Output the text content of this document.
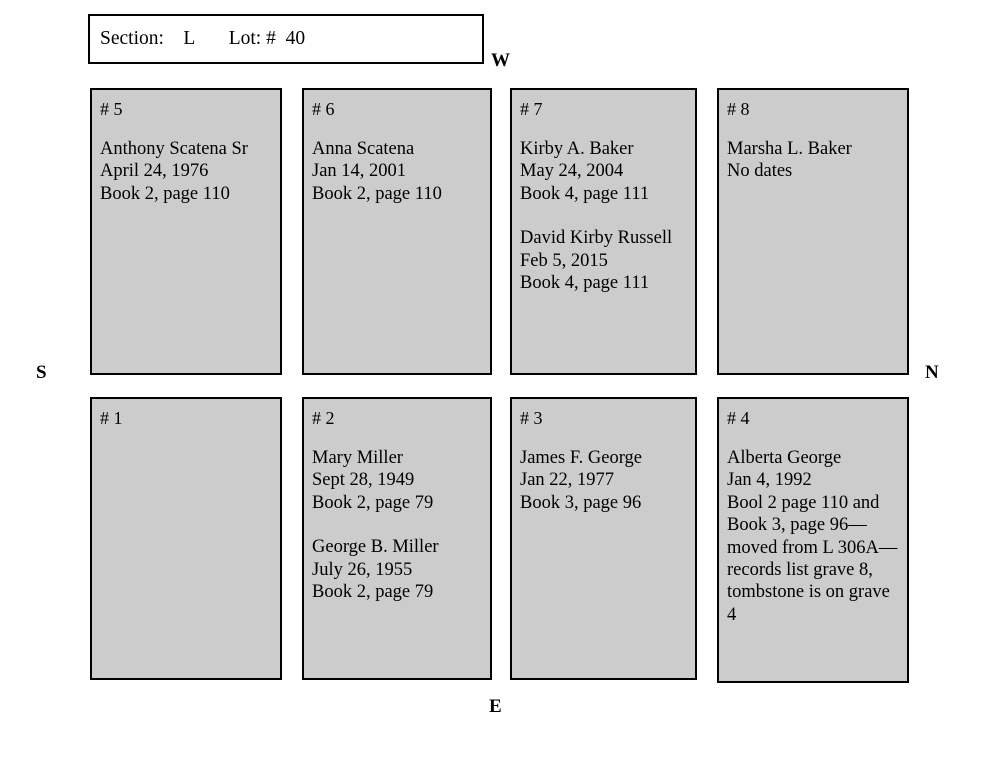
Section:    L       Lot: #  40
W
N
E
S
# 5
Anthony Scatena Sr
April 24, 1976
Book 2, page 110
# 6
Anna Scatena
Jan 14, 2001
Book 2, page 110
# 7
Kirby A. Baker
May 24, 2004
Book 4, page 111
David Kirby Russell
Feb 5, 2015
Book 4, page 111
# 8
Marsha L. Baker
No dates
# 1	# 2
Mary Miller
Sept 28, 1949
Book 2, page 79
George B. Miller
July 26, 1955
Book 2, page 79
# 3
James F. George
Jan 22, 1977
Book 3, page 96
# 4
Alberta George
Jan 4, 1992
Bool 2 page 110 and Book 3, page 96—moved from L 306A—records list grave 8, tombstone is on grave 4
